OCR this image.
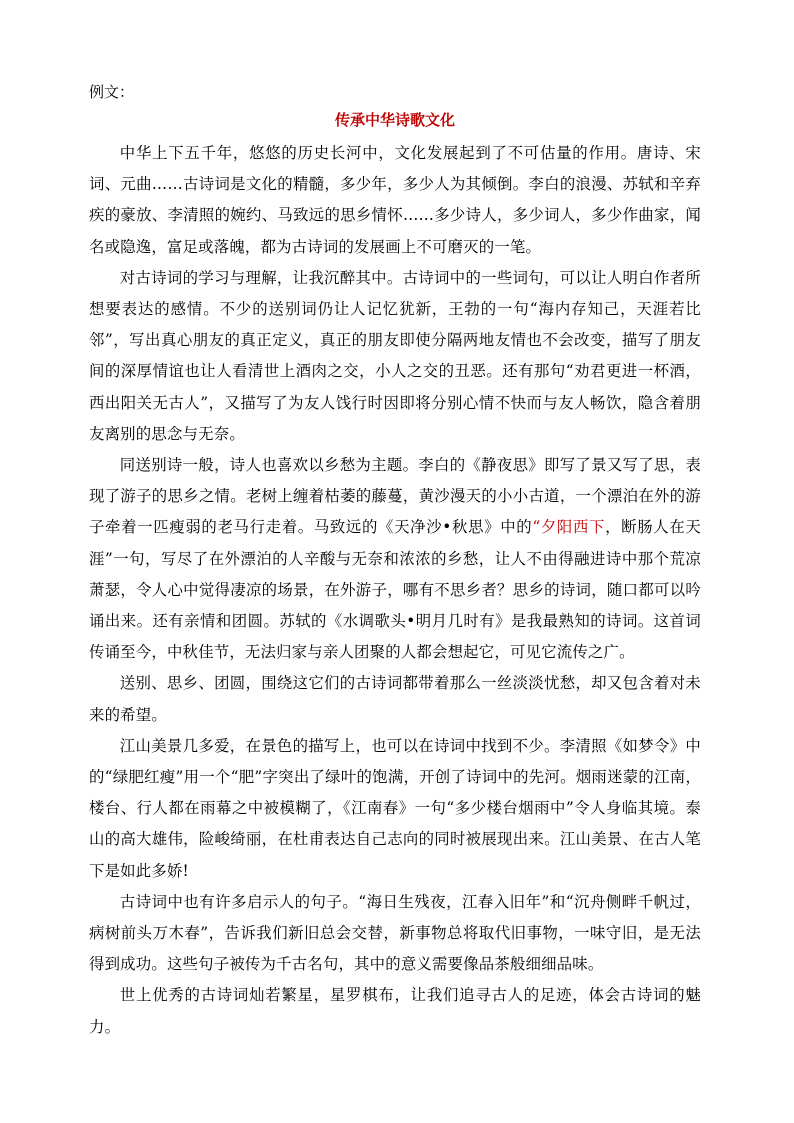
例文：

传承中华诗歌文化

中华上下五千年，悠悠的历史长河中，文化发展起到了不可估量的作用。唐诗、宋词、元曲……古诗词是文化的精髓，多少年，多少人为其倾倒。李白的浪漫、苏轼和辛弃疾的豪放、李清照的婉约、马致远的思乡情怀……多少诗人，多少词人，多少作曲家，闻名或隐逸，富足或落魄，都为古诗词的发展画上不可磨灭的一笔。

对古诗词的学习与理解，让我沉醉其中。古诗词中的一些词句，可以让人明白作者所想要表达的感情。不少的送别词仍让人记忆犹新，王勃的一句“海内存知己，天涯若比邻”，写出真心朋友的真正定义，真正的朋友即使分隔两地友情也不会改变，描写了朋友间的深厚情谊也让人看清世上酒肉之交，小人之交的丑恶。还有那句“劝君更进一杯酒，西出阳关无古人”，又描写了为友人饯行时因即将分别心情不快而与友人畅饮，隐含着朋友离别的思念与无奈。

同送别诗一般，诗人也喜欢以乡愁为主题。李白的《静夜思》即写了景又写了思，表现了游子的思乡之情。老树上缠着枯萎的藤蔓，黄沙漫天的小小古道，一个漂泊在外的游子牵着一匹瘦弱的老马行走着。马致远的《天净沙•秋思》中的“夕阳西下，断肠人在天涯”一句，写尽了在外漂泊的人辛酸与无奈和浓浓的乡愁，让人不由得融进诗中那个荒凉萧瑟，令人心中觉得凄凉的场景，在外游子，哪有不思乡者？思乡的诗词，随口都可以吟诵出来。还有亲情和团圆。苏轼的《水调歌头•明月几时有》是我最熟知的诗词。这首词传诵至今，中秋佳节，无法归家与亲人团聚的人都会想起它，可见它流传之广。

送别、思乡、团圆，围绕这它们的古诗词都带着那么一丝淡淡忧愁，却又包含着对未来的希望。

江山美景几多爱，在景色的描写上，也可以在诗词中找到不少。李清照《如梦令》中的“绿肥红瘦”用一个“肥”字突出了绿叶的饱满，开创了诗词中的先河。烟雨迷蒙的江南，楼台、行人都在雨幕之中被模糊了，《江南春》一句“多少楼台烟雨中”令人身临其境。泰山的高大雄伟，险峻绮丽，在杜甫表达自己志向的同时被展现出来。江山美景、在古人笔下是如此多娇!

古诗词中也有许多启示人的句子。“海日生残夜，江春入旧年”和“沉舟侧畔千帆过，病树前头万木春”，告诉我们新旧总会交替，新事物总将取代旧事物，一味守旧，是无法得到成功。这些句子被传为千古名句，其中的意义需要像品茶般细细品味。

世上优秀的古诗词灿若繁星，星罗棋布，让我们追寻古人的足迹，体会古诗词的魅力。
